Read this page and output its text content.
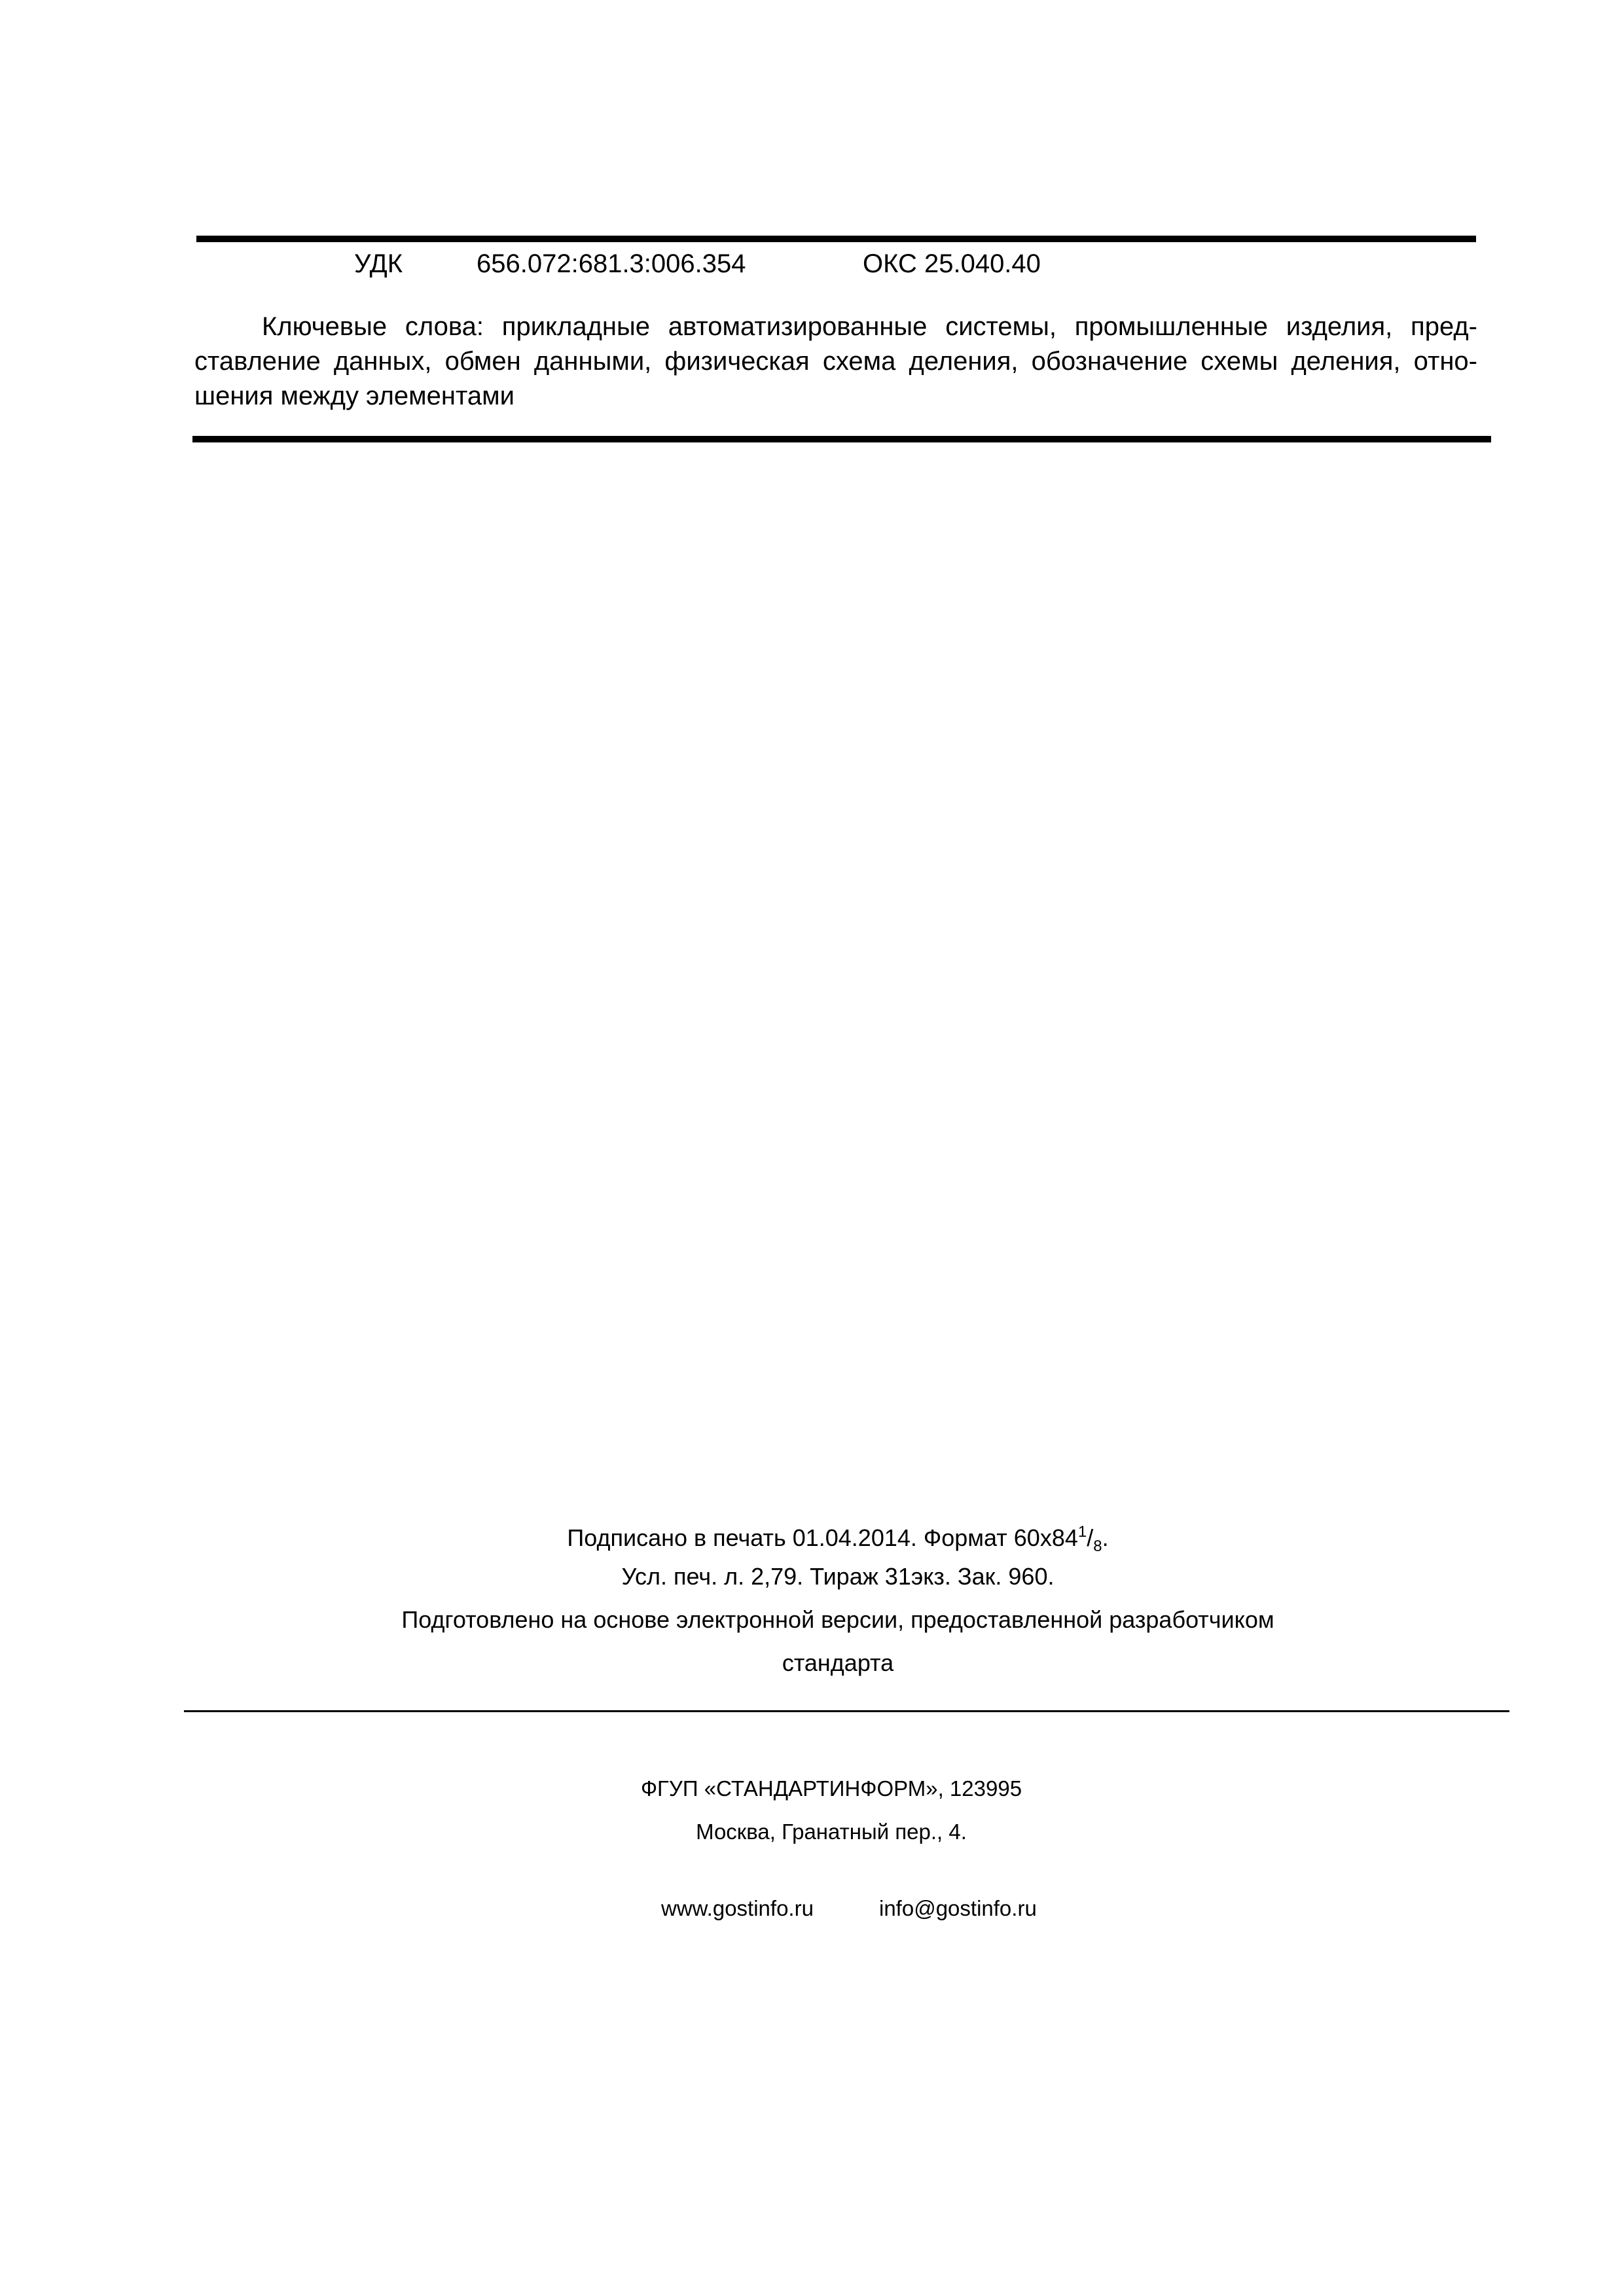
УДК	656.072:681.3:006.354	ОКС 25.040.40

Ключевые слова: прикладные автоматизированные системы, промышленные изделия, представление данных, обмен данными, физическая схема деления, обозначение схемы деления, отношения между элементами

Подписано в печать 01.04.2014. Формат $60х84^1/_8$.
Усл. печ. л. 2,79. Тираж 31экз. Зак. 960.
Подготовлено на основе электронной версии, предоставленной разработчиком
стандарта
ФГУП «СТАНДАРТИНФОРМ», 123995
Москва, Гранатный пер., 4.
www.gostinfo.ru	info@gostinfo.ru
